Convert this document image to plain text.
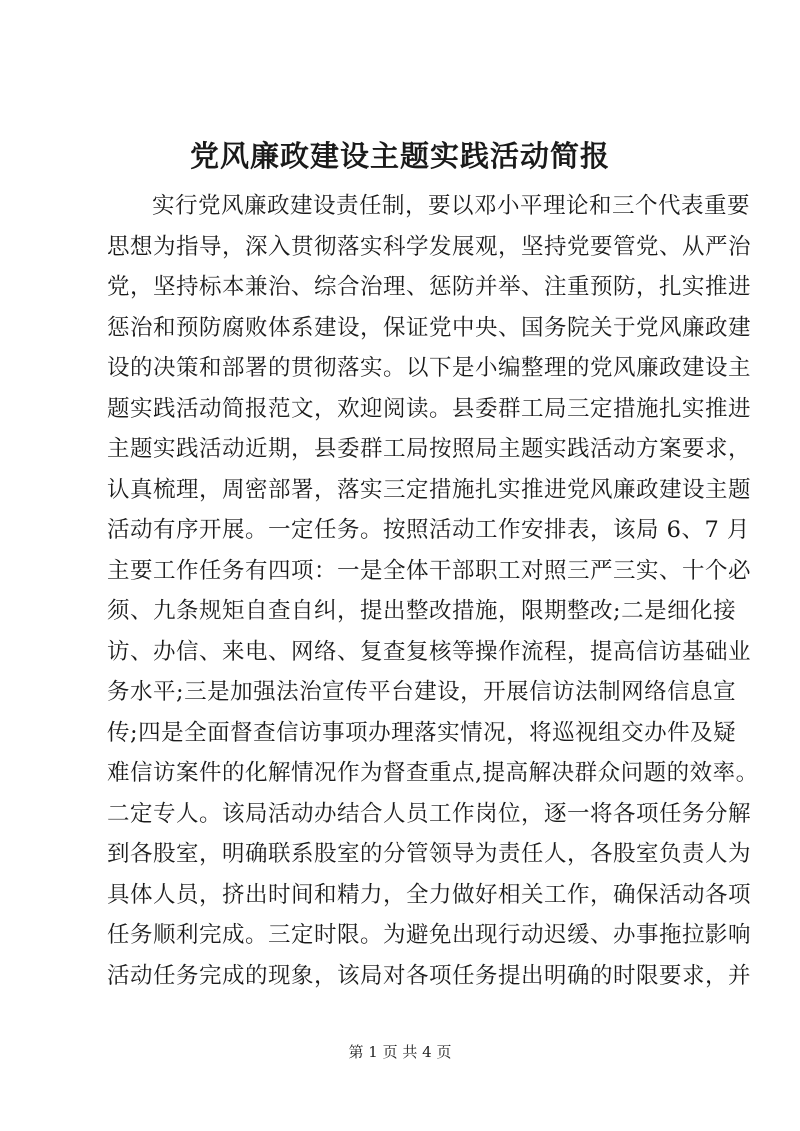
党风廉政建设主题实践活动简报
实行党风廉政建设责任制，要以邓小平理论和三个代表重要
思想为指导，深入贯彻落实科学发展观，坚持党要管党、从严治
党，坚持标本兼治、综合治理、惩防并举、注重预防，扎实推进
惩治和预防腐败体系建设，保证党中央、国务院关于党风廉政建
设的决策和部署的贯彻落实。以下是小编整理的党风廉政建设主
题实践活动简报范文，欢迎阅读。县委群工局三定措施扎实推进
主题实践活动近期，县委群工局按照局主题实践活动方案要求，
认真梳理，周密部署，落实三定措施扎实推进党风廉政建设主题
活动有序开展。一定任务。按照活动工作安排表，该局 6、7 月
主要工作任务有四项：一是全体干部职工对照三严三实、十个必
须、九条规矩自查自纠，提出整改措施，限期整改;二是细化接
访、办信、来电、网络、复查复核等操作流程，提高信访基础业
务水平;三是加强法治宣传平台建设，开展信访法制网络信息宣
传;四是全面督查信访事项办理落实情况，将巡视组交办件及疑
难信访案件的化解情况作为督查重点,提高解决群众问题的效率。
二定专人。该局活动办结合人员工作岗位，逐一将各项任务分解
到各股室，明确联系股室的分管领导为责任人，各股室负责人为
具体人员，挤出时间和精力，全力做好相关工作，确保活动各项
任务顺利完成。三定时限。为避免出现行动迟缓、办事拖拉影响
活动任务完成的现象，该局对各项任务提出明确的时限要求，并
第 1 页 共 4 页
